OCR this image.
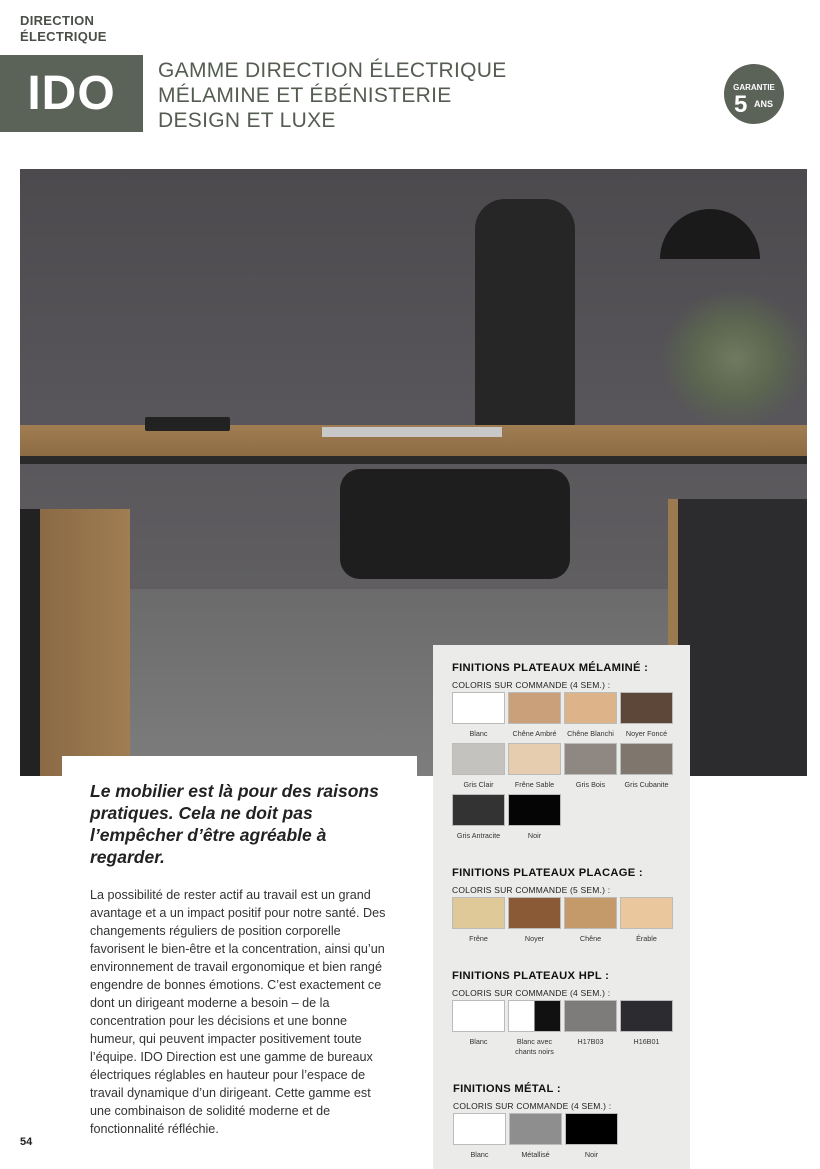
DIRECTION ÉLECTRIQUE
IDO GAMME DIRECTION ÉLECTRIQUE
MÉLAMINE ET ÉBÉNISTERIE
DESIGN ET LUXE
GARANTIE
5 ANS

Le mobilier est là pour des raisons pratiques. Cela ne doit pas l’empêcher d’être agréable à regarder.

La possibilité de rester actif au travail est un grand avantage et a un impact positif pour notre santé. Des changements réguliers de position corporelle favorisent le bien-être et la concentration, ainsi qu’un environnement de travail ergonomique et bien rangé engendre de bonnes émotions. C’est exactement ce dont un dirigeant moderne a besoin – de la concentration pour les décisions et une bonne humeur, qui peuvent impacter positivement toute l’équipe. IDO Direction est une gamme de bureaux électriques réglables en hauteur pour l’espace de travail dynamique d’un dirigeant. Cette gamme est une combinaison de solidité moderne et de fonctionnalité réfléchie.

FINITIONS PLATEAUX MÉLAMINÉ :
COLORIS SUR COMMANDE (4 SEM.) :
Blanc	Chêne Ambré	Chêne Blanchi	Noyer Foncé
Gris Clair	Frêne Sable	Gris Bois	Gris Cubanite
Gris Antracite	Noir
FINITIONS PLATEAUX PLACAGE :
COLORIS SUR COMMANDE (5 SEM.) :
Frêne	Noyer	Chêne	Érable
FINITIONS PLATEAUX HPL :
COLORIS SUR COMMANDE (4 SEM.) :
Blanc	Blanc avec chants noirs
H17B03	H16B01
FINITIONS MÉTAL :
COLORIS SUR COMMANDE (4 SEM.) :
Blanc	Métallisé	Noir
54
